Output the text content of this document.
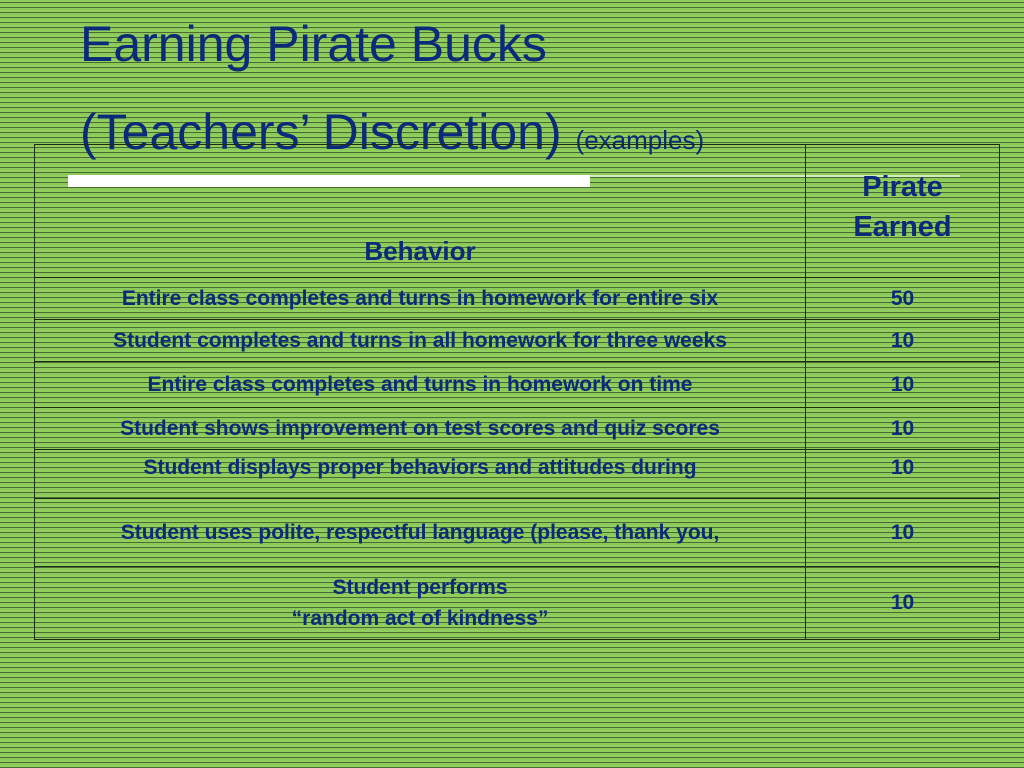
Earning Pirate Bucks
(Teachers’ Discretion) (examples)
Behavior	Pirate
Earned
Entire class completes and turns in homework for entire six	50
Student completes and turns in all homework for three weeks	10
Entire class completes and turns in homework on time	10
Student shows improvement on test scores and quiz scores	10
Student displays proper behaviors and attitudes during	10
Student uses polite, respectful language (please, thank you,	10
Student performs
“random act of kindness”	10
